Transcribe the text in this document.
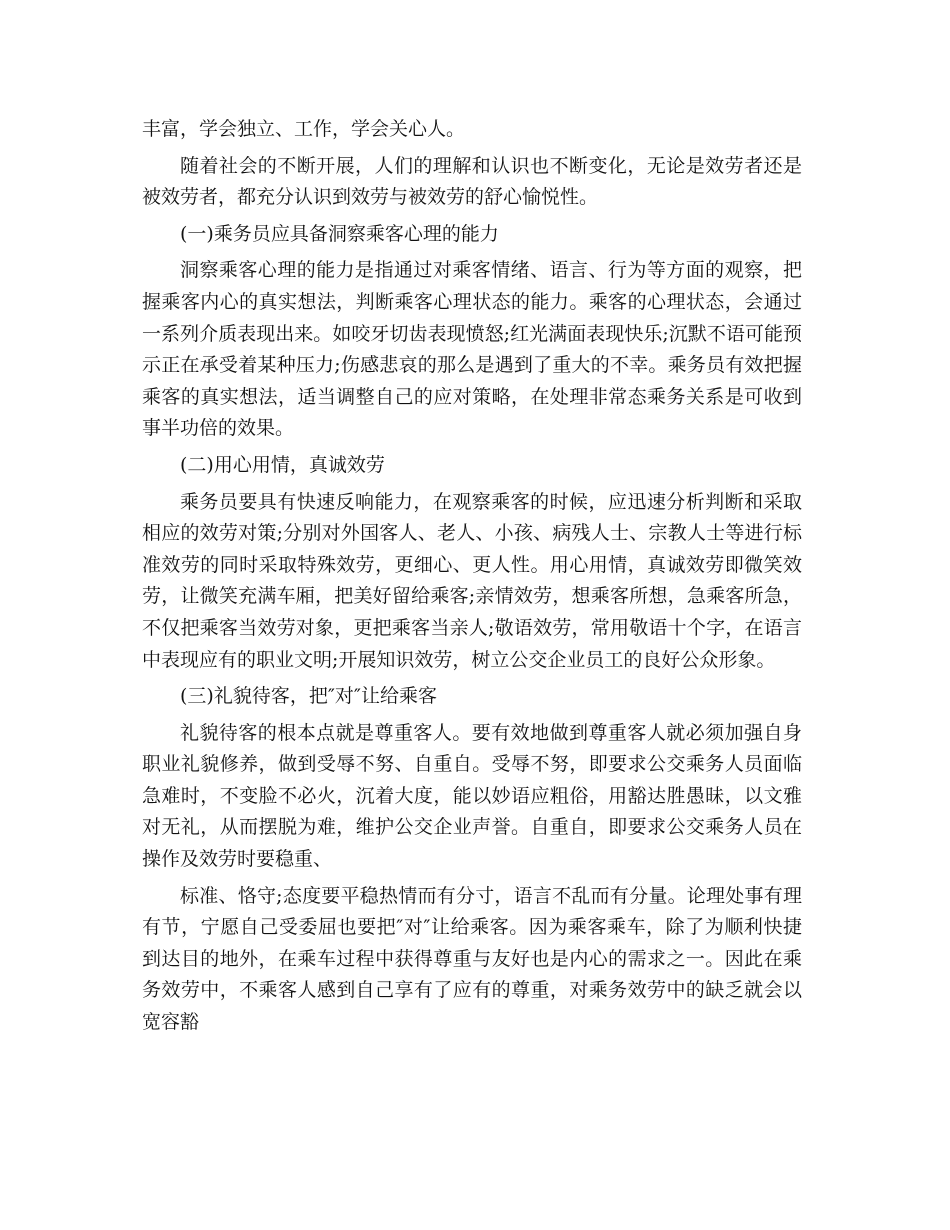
丰富，学会独立、工作，学会关心人。

随着社会的不断开展，人们的理解和认识也不断变化，无论是效劳者还是被效劳者，都充分认识到效劳与被效劳的舒心愉悦性。

(一)乘务员应具备洞察乘客心理的能力

洞察乘客心理的能力是指通过对乘客情绪、语言、行为等方面的观察，把握乘客内心的真实想法，判断乘客心理状态的能力。乘客的心理状态，会通过一系列介质表现出来。如咬牙切齿表现愤怒;红光满面表现快乐;沉默不语可能预示正在承受着某种压力;伤感悲哀的那么是遇到了重大的不幸。乘务员有效把握乘客的真实想法，适当调整自己的应对策略，在处理非常态乘务关系是可收到事半功倍的效果。

(二)用心用情，真诚效劳

乘务员要具有快速反响能力，在观察乘客的时候，应迅速分析判断和采取相应的效劳对策;分别对外国客人、老人、小孩、病残人士、宗教人士等进行标准效劳的同时采取特殊效劳，更细心、更人性。用心用情，真诚效劳即微笑效劳，让微笑充满车厢，把美好留给乘客;亲情效劳，想乘客所想，急乘客所急，不仅把乘客当效劳对象，更把乘客当亲人;敬语效劳，常用敬语十个字，在语言中表现应有的职业文明;开展知识效劳，树立公交企业员工的良好公众形象。

(三)礼貌待客，把″对″让给乘客

礼貌待客的根本点就是尊重客人。要有效地做到尊重客人就必须加强自身职业礼貌修养，做到受辱不努、自重自。受辱不努，即要求公交乘务人员面临急难时，不变脸不必火，沉着大度，能以妙语应粗俗，用豁达胜愚昧，以文雅对无礼，从而摆脱为难，维护公交企业声誉。自重自，即要求公交乘务人员在操作及效劳时要稳重、

标准、恪守;态度要平稳热情而有分寸，语言不乱而有分量。论理处事有理有节，宁愿自己受委屈也要把″对″让给乘客。因为乘客乘车，除了为顺利快捷到达目的地外，在乘车过程中获得尊重与友好也是内心的需求之一。因此在乘务效劳中，不乘客人感到自己享有了应有的尊重，对乘务效劳中的缺乏就会以宽容豁
